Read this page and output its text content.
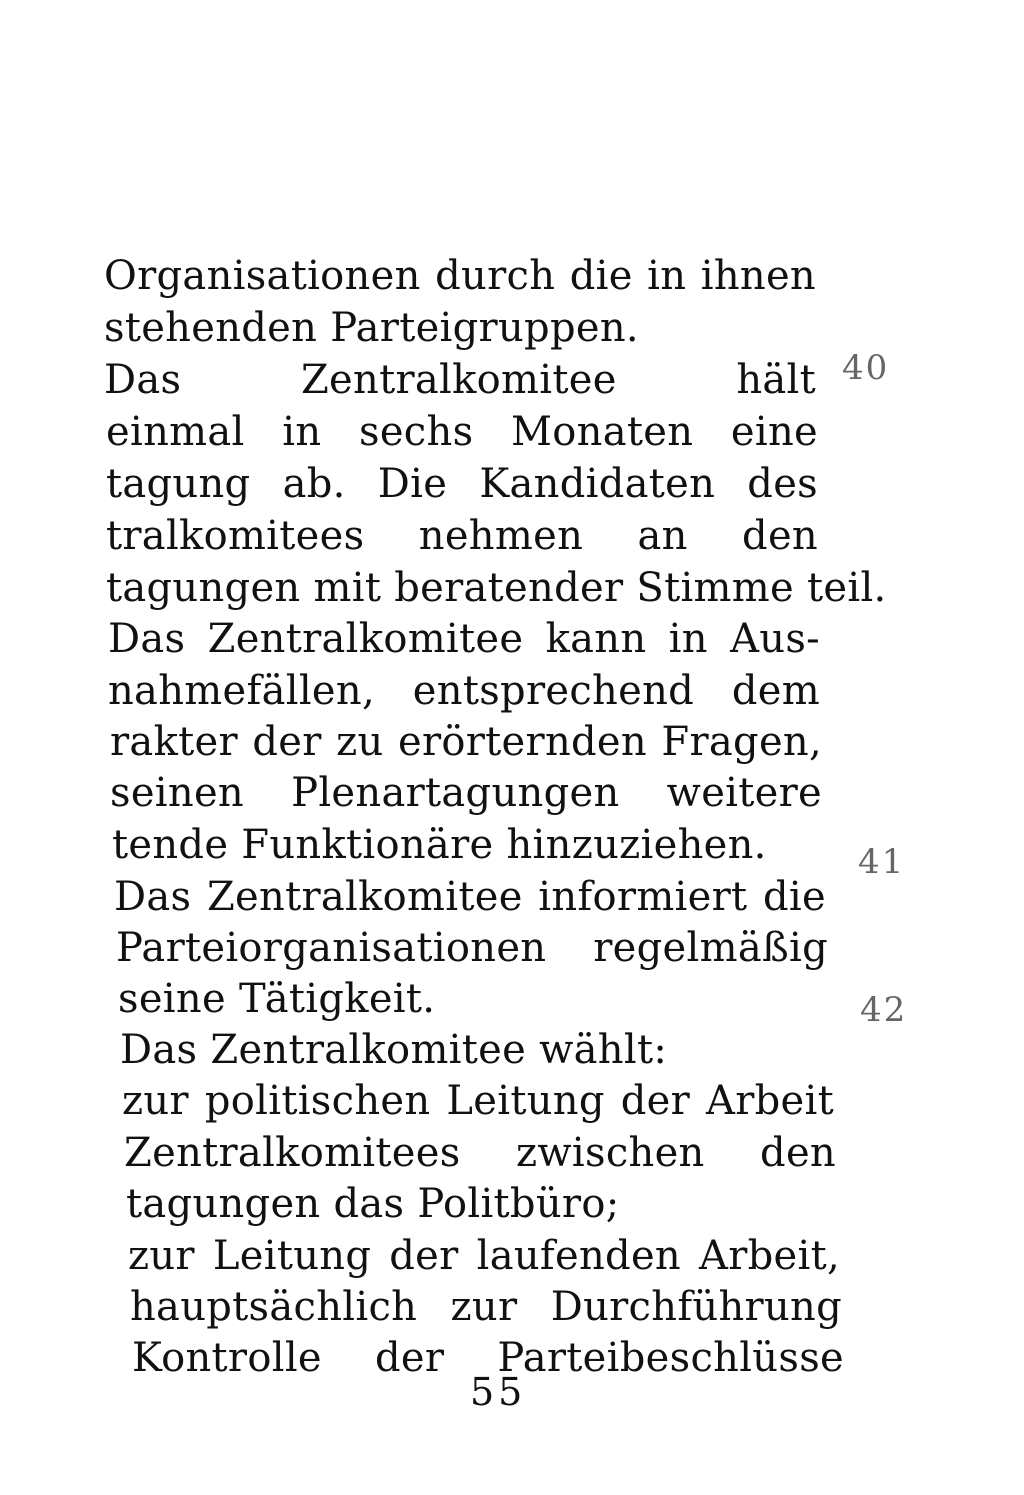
Organisationen durch die in ihnen
stehenden Parteigruppen.
Das Zentralkomitee hält 40
einmal in sechs Monaten eine
tagung ab. Die Kandidaten des
tralkomitees nehmen an den
tagungen mit beratender Stimme teil.
Das Zentralkomitee kann in Aus-
nahmefällen, entsprechend dem
rakter der zu erörternden Fragen,
seinen Plenartagungen weitere
tende Funktionäre hinzuziehen.
Das Zentralkomitee informiert die
41
Parteiorganisationen regelmäßig
seine Tätigkeit.
Das Zentralkomitee wählt:
42
zur politischen Leitung der Arbeit
Zentralkomitees zwischen den
tagungen das Politbüro;
zur Leitung der laufenden Arbeit,
hauptsächlich zur Durchführung
Kontrolle der Parteibeschlüsse
55
